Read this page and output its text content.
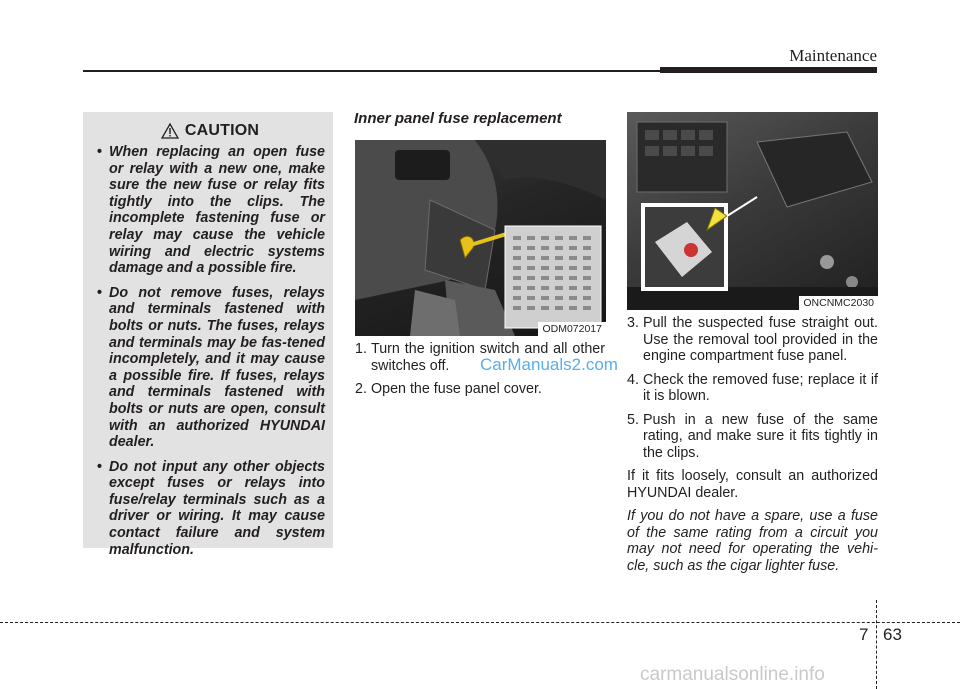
Maintenance
CAUTION
• When replacing an open fuse or relay with a new one, make sure the new fuse or relay fits tightly into the clips. The incomplete fastening fuse or relay may cause the vehicle wiring and electric systems damage and a possible fire.
• Do not remove fuses, relays and terminals fastened with bolts or nuts. The fuses, relays and terminals may be fas-tened incompletely, and it may cause a possible fire. If fuses, relays and terminals fastened with bolts or nuts are open, consult with an authorized HYUNDAI dealer.
• Do not input any other objects except fuses or relays into fuse/relay terminals such as a driver or wiring. It may cause contact failure and system malfunction.
Inner panel fuse replacement
ODM072017
1. Turn the ignition switch and all other switches off.
2. Open the fuse panel cover.
ONCNMC2030
3. Pull the suspected fuse straight out. Use the removal tool provided in the engine compartment fuse panel.
4. Check the removed fuse; replace it if it is blown.
5. Push in a new fuse of the same rating, and make sure it fits tightly in the clips.
If it fits loosely, consult an authorized HYUNDAI dealer.
If you do not have a spare, use a fuse of the same rating from a circuit you may not need for operating the vehi-cle, such as the cigar lighter fuse.
CarManuals2.com
7 63
carmanualsonline.info
